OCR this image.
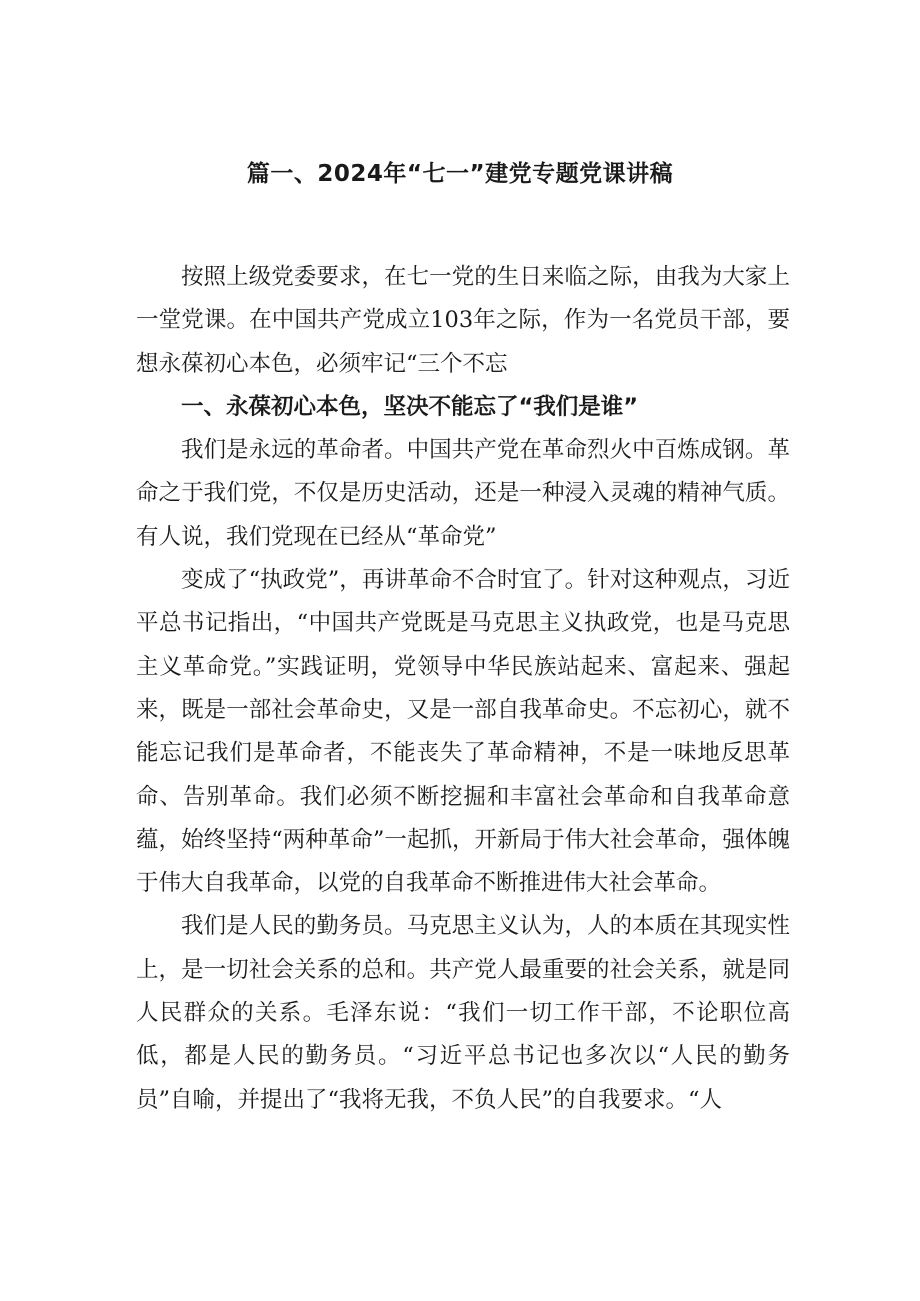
篇一、2024年“七一”建党专题党课讲稿

按照上级党委要求，在七一党的生日来临之际，由我为大家上一堂党课。在中国共产党成立103年之际，作为一名党员干部，要想永葆初心本色，必须牢记“三个不忘

一、永葆初心本色，坚决不能忘了“我们是谁”

我们是永远的革命者。中国共产党在革命烈火中百炼成钢。革命之于我们党，不仅是历史活动，还是一种浸入灵魂的精神气质。有人说，我们党现在已经从“革命党”

变成了“执政党”，再讲革命不合时宜了。针对这种观点，习近平总书记指出，“中国共产党既是马克思主义执政党，也是马克思主义革命党。”实践证明，党领导中华民族站起来、富起来、强起来，既是一部社会革命史，又是一部自我革命史。不忘初心，就不能忘记我们是革命者，不能丧失了革命精神，不是一味地反思革命、告别革命。我们必须不断挖掘和丰富社会革命和自我革命意蕴，始终坚持“两种革命”一起抓，开新局于伟大社会革命，强体魄于伟大自我革命，以党的自我革命不断推进伟大社会革命。

我们是人民的勤务员。马克思主义认为，人的本质在其现实性上，是一切社会关系的总和。共产党人最重要的社会关系，就是同人民群众的关系。毛泽东说：“我们一切工作干部，不论职位高低，都是人民的勤务员。“习近平总书记也多次以“人民的勤务员”自喻，并提出了“我将无我，不负人民”的自我要求。“人
